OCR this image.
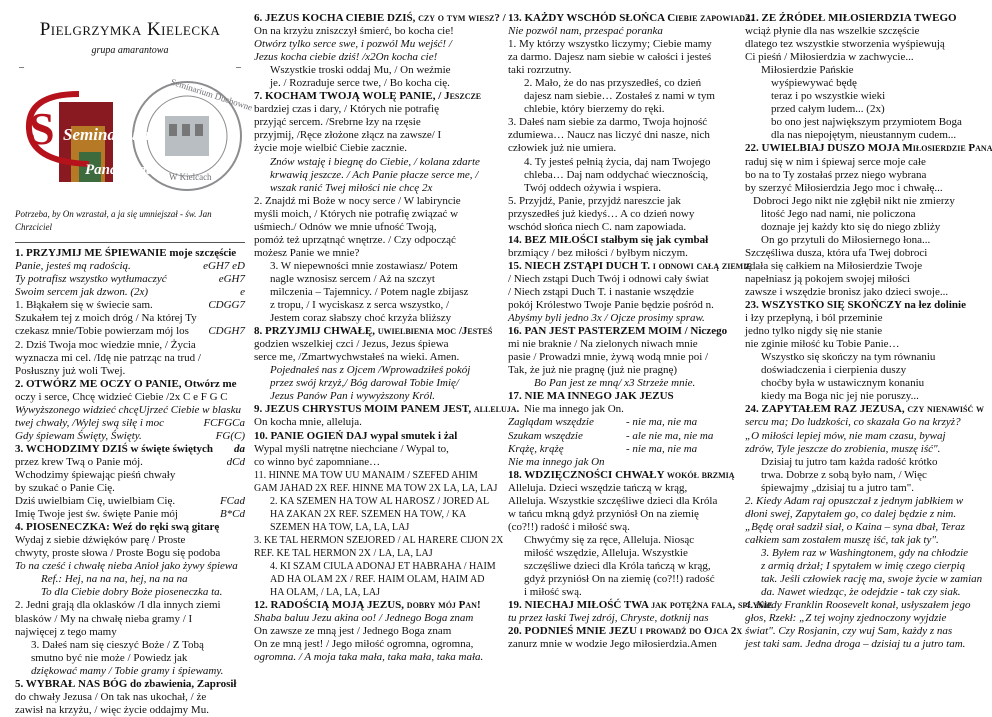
Pielgrzymka Kielecka
grupa amarantowa
_	_
S Seminarium
Pana Boga
Seminarium Duchowne
W Kielcach
Potrzeba, by On wzrastał, a ja się umniejszał - św. Jan Chrzciciel
1. PRZYJMIJ ME ŚPIEWANIE moje szczęście
Panie, jesteś mą radością.	eGH7 eD
Ty potrafisz wszystko wytłumaczyć	eGH7
Swoim sercem jak dzwon. (2x)	e
1. Błąkałem się w świecie sam.	CDGG7
Szukałem tej z moich dróg / Na której Ty
czekasz mnie/Tobie powierzam mój los CDGH7
2. Dziś Twoja moc wiedzie mnie, / Życia
wyznacza mi cel. /Idę nie patrząc na trud /
Posłuszny już woli Twej.
2. OTWÓRZ ME OCZY O PANIE, Otwórz me
oczy i serce, Chcę widzieć Ciebie /2x C e F G C
Wywyższonego widzieć chcęUjrzeć Ciebie w blasku
twej chwały, /Wylej swą siłę i moc	FCFGCa
Gdy śpiewam Święty, Święty.	FG(C)
3. WCHODZIMY DZIŚ w święte świętych da
przez krew Twą o Panie mój.	dCd
Wchodzimy śpiewając pieśń chwały
by szukać o Panie Cię.
Dziś uwielbiam Cię, uwielbiam Cię.	FCad
Imię Twoje jest św. święte Panie mój	B*Cd
4. PIOSENECZKA: Weź do ręki swą gitarę
Wydaj z siebie dźwięków parę / Proste
chwyty, proste słowa / Proste Bogu się podoba
To na cześć i chwałę nieba Anioł jako żywy śpiewa
Ref.: Hej, na na na, hej, na na na
To dla Ciebie dobry Boże pioseneczka ta.
2. Jedni grają dla oklasków /I dla innych ziemi
blasków / My na chwałę nieba gramy / I
najwięcej z tego mamy
3. Dałeś nam się cieszyć Boże / Z Tobą
smutno być nie może / Powiedz jak
dziękować mamy / Tobie gramy i śpiewamy.
5. WYBRAŁ NAS BÓG do zbawienia, Zaprosił
do chwały Jezusa / On tak nas ukochał, / że
zawisł na krzyżu, / więc życie oddajmy Mu.
6. JEZUS KOCHA CIEBIE DZIŚ, czy o tym wiesz? /
On na krzyżu zniszczył śmierć, bo kocha cie!
Otwórz tylko serce swe, i pozwól Mu wejść! /
Jezus kocha ciebie dziś! /x2On kocha cie!
Wszystkie troski oddaj Mu, / On weźmie
je. / Rozraduje serce twe, / Bo kocha cię.
7. KOCHAM TWOJĄ WOLĘ PANIE, / Jeszcze
bardziej czas i dary, / Których nie potrafię
przyjąć sercem. /Srebrne łzy na rzęsie
przyjmij, /Ręce złożone złącz na zawsze/ I
życie moje wielbić Ciebie zacznie.
Znów wstaję i biegnę do Ciebie, / kolana zdarte
krwawią jeszcze. / Ach Panie płacze serce me, /
wszak ranić Twej miłości nie chcę 2x
2. Znajdź mi Boże w nocy serce / W labiryncie
myśli moich, / Których nie potrafię związać w
uśmiech./ Odnów we mnie ufność Twoją,
pomóż też uprzątnąć wnętrze. / Czy odpocząć
możesz Panie we mnie?
3. W niepewności mnie zostawiasz/ Potem
nagle wznosisz sercem / Aż na szczyt
milczenia – Tajemnicy. / Potem nagle zbijasz
z tropu, / I wyciskasz z serca wszystko, /
Jestem coraz słabszy choć krzyża bliższy
8. PRZYJMIJ CHWAŁĘ, uwielbienia moc /Jesteś
godzien wszelkiej czci / Jezus, Jezus śpiewa
serce me, /Zmartwychwstałeś na wieki. Amen.
Pojednałeś nas z Ojcem /Wprowadziłeś pokój
przez swój krzyż,/ Bóg darował Tobie Imię/
Jezus Panów Pan i wywyższony Król.
9. JEZUS CHRYSTUS MOIM PANEM JEST, alleluja.
On kocha mnie, alleluja.
10. PANIE OGIEŃ DAJ wypal smutek i żal
Wypal myśli natrętne niechciane / Wypal to,
co winno być zapomniane…
11. HINNE MA TOW UU MANAIM / SZEFED AHIM
GAM JAHAD 2X REF. HINNE MA TOW 2X LA, LA, LAJ
2. KA SZEMEN HA TOW AL HAROSZ / JORED AL
HA ZAKAN 2X REF. SZEMEN HA TOW, / KA
SZEMEN HA TOW, LA, LA, LAJ
3. KE TAL HERMON SZEJORED / AL HARERE CIJON 2X
REF. KE TAL HERMON 2X / LA, LA, LAJ
4. KI SZAM CIULA ADONAJ ET HABRAHA / HAIM
AD HA OLAM 2X / REF. HAIM OLAM, HAIM AD
HA OLAM, / LA, LA, LAJ
12. RADOŚCIĄ MOJĄ JEZUS, dobry mój Pan!
Shaba baluu Jezu akina oo! / Jednego Boga znam
On zawsze ze mną jest / Jednego Boga znam
On ze mną jest! / Jego miłość ogromna, ogromna,
ogromna. / A moja taka mała, taka mała, taka mała.
13. KAŻDY WSCHÓD SŁOŃCA Ciebie zapowiada.
Nie pozwól nam, przespać poranka
1. My którzy wszystko liczymy; Ciebie mamy
za darmo. Dajesz nam siebie w całości i jesteś
taki rozrzutny.
2. Mało, że do nas przyszedłeś, co dzień
dajesz nam siebie… Zostałeś z nami w tym
chlebie, który bierzemy do ręki.
3. Dałeś nam siebie za darmo, Twoja hojność
zdumiewa… Naucz nas liczyć dni nasze, nich
człowiek już nie umiera.
4. Ty jesteś pełnią życia, daj nam Twojego
chleba… Daj nam oddychać wiecznością,
Twój oddech ożywia i wspiera.
5. Przyjdź, Panie, przyjdź nareszcie jak
przyszedłeś już kiedyś… A co dzień nowy
wschód słońca niech C. nam zapowiada.
14. BEZ MIŁOŚCI stałbym się jak cymbał
brzmiący / bez miłości / byłbym niczym.
15. NIECH ZSTĄPI DUCH T. i odnowi całą ziemię
/ Niech zstąpi Duch Twój i odnowi cały świat
/ Niech zstąpi Duch T. i nastanie wszędzie
pokój Królestwo Twoje Panie będzie pośród n.
Abyśmy byli jedno 3x / Ojcze prosimy spraw.
16. PAN JEST PASTERZEM MOIM / Niczego
mi nie braknie / Na zielonych niwach mnie
pasie / Prowadzi mnie, żywą wodą mnie poi /
Tak, że już nie pragnę (już nie pragnę)
Bo Pan jest ze mną/ x3 Strzeże mnie.
17. NIE MA INNEGO JAK JEZUS
Nie ma innego jak On.
Zaglądam wszędzie	- nie ma, nie ma
Szukam wszędzie	- ale nie ma, nie ma
Krążę, krążę	- nie ma, nie ma
Nie ma innego jak On
18. WDZIĘCZNOŚCI CHWAŁY wokół brzmią
Alleluja. Dzieci wszędzie tańczą w krąg,
Alleluja. Wszystkie szczęśliwe dzieci dla Króla
w tańcu mkną gdyż przyniósł On na ziemię
(co?!!) radość i miłość swą.
Chwyćmy się za ręce, Alleluja. Niosąc
miłość wszędzie, Alleluja. Wszystkie
szczęśliwe dzieci dla Króla tańczą w krąg,
gdyż przyniósł On na ziemię (co?!!) radość
i miłość swą.
19. NIECHAJ MIŁOŚĆ TWA jak potężna fala, spłynie
tu przez łaski Twej zdrój, Chryste, dotknij nas
20. PODNIEŚ MNIE JEZU i prowadź do Ojca 2x
zanurz mnie w wodzie Jego miłosierdzia.Amen
21. ZE ŹRÓDEŁ MIŁOSIERDZIA TWEGO
wciąż płynie dla nas wszelkie szczęście
dlatego tez wszystkie stworzenia wyśpiewują
Ci pieśń / Miłosierdzia w zachwycie...
Miłosierdzie Pańskie
wyśpiewywać będę
teraz i po wszystkie wieki
przed całym ludem... (2x)
bo ono jest największym przymiotem Boga
dla nas niepojętym, nieustannym cudem...
22. UWIELBIAJ DUSZO MOJA Miłosierdzie Pana
raduj się w nim i śpiewaj serce moje całe
bo na to Ty zostałaś przez niego wybrana
by szerzyć Miłosierdzia Jego moc i chwałę...
Dobroci Jego nikt nie zgłębił nikt nie zmierzy
litość Jego nad nami, nie policzona
doznaje jej każdy kto się do niego zbliży
On go przytuli do Miłosiernego łona...
Szczęśliwa dusza, która ufa Twej dobroci
zdała się całkiem na Miłosierdzie Twoje
napełniasz ją pokojem swojej miłości
zawsze i wszędzie bronisz jako dzieci swoje...
23. WSZYSTKO SIĘ SKOŃCZY na łez dolinie
i łzy przepłyną, i ból przeminie
jedno tylko nigdy się nie stanie
nie zginie miłość ku Tobie Panie…
Wszystko się skończy na tym równaniu
doświadczenia i cierpienia duszy
choćby była w ustawicznym konaniu
kiedy ma Boga nic jej nie poruszy...
24. ZAPYTAŁEM RAZ JEZUSA, czy nienawiść w
sercu ma; Do ludzkości, co skazała Go na krzyż?
„O miłości lepiej mów, nie mam czasu, bywaj
zdrów, Tyle jeszcze do zrobienia, muszę iść".
Dzisiaj tu jutro tam każda radość krótko
trwa. Dobrze z sobą było nam, / Więc
śpiewajmy „dzisiaj tu a jutro tam".
2. Kiedy Adam raj opuszczał z jednym jabłkiem w
dłoni swej, Zapytałem go, co dalej będzie z nim.
„Będę orał sadził siał, o Kaina – syna dbał, Teraz
całkiem sam zostałem muszę iść, tak jak ty".
3. Byłem raz w Washingtonem, gdy na chłodzie
z armią drżał; I spytałem w imię czego cierpią
tak. Jeśli człowiek rację ma, swoje życie w zamian
da. Nawet wiedząc, że odejdzie - tak czy siak.
4. Kiedy Franklin Roosevelt konał, usłyszałem jego
głos, Rzekł: „Z tej wojny zjednoczony wyjdzie
świat". Czy Rosjanin, czy wuj Sam, każdy z nas
jest taki sam. Jedna droga – dzisiaj tu a jutro tam.
